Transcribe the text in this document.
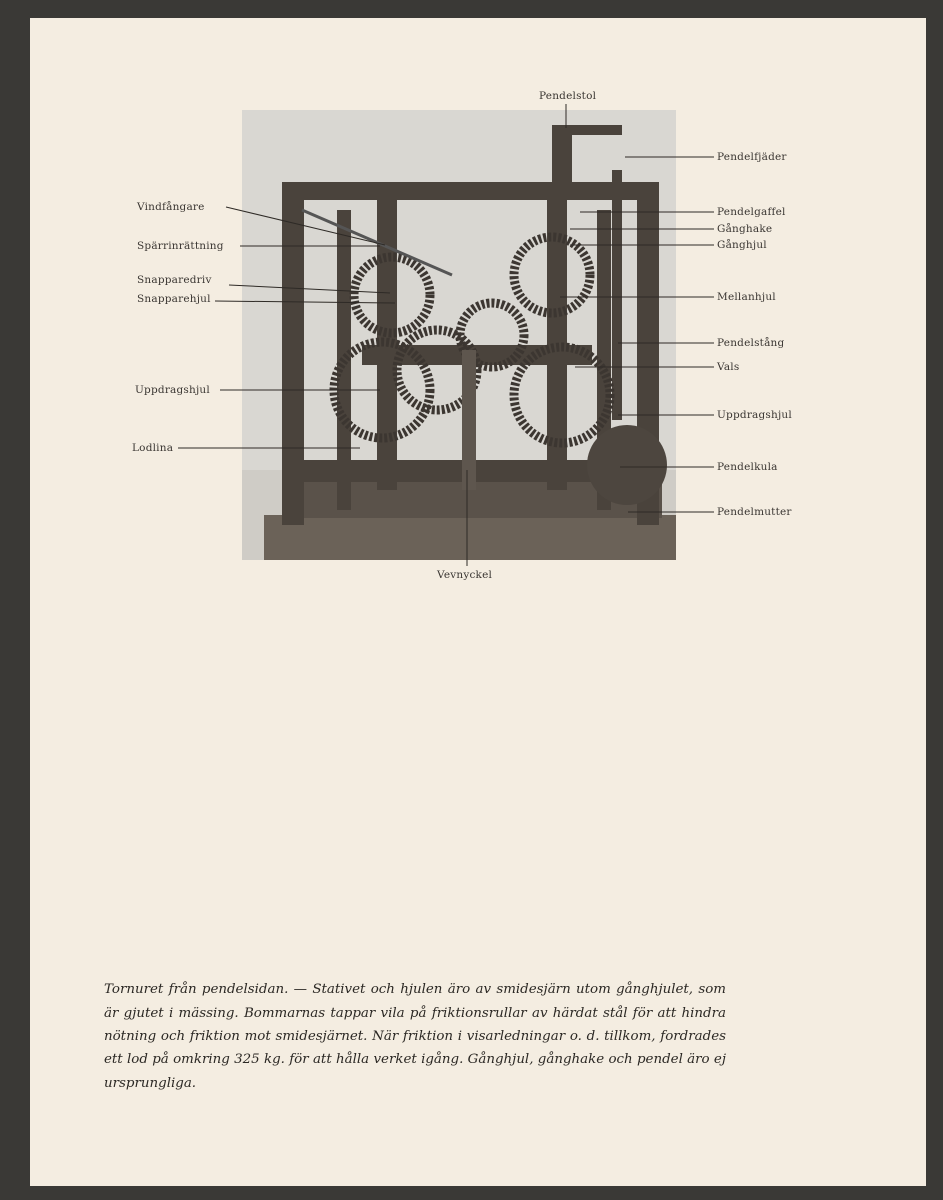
Pendelstol
Vindfångare
Spärrinrättning
Snapparedriv
Snapparehjul
Uppdragshjul
Lodlina
Pendelfjäder
Pendelgaffel
Gånghake
Gånghjul
Mellanhjul
Pendelstång
Vals
Uppdragshjul
Pendelkula
Pendelmutter
Vevnyckel

Tornuret från pendelsidan. — Stativet och hjulen äro av smidesjärn utom gånghjulet, som är gjutet i mässing. Bommarnas tappar vila på friktionsrullar av härdat stål för att hindra nötning och friktion mot smidesjärnet. När friktion i visarledningar o. d. tillkom, fordrades ett lod på omkring 325 kg. för att hålla verket igång. Gånghjul, gånghake och pendel äro ej ursprungliga.
